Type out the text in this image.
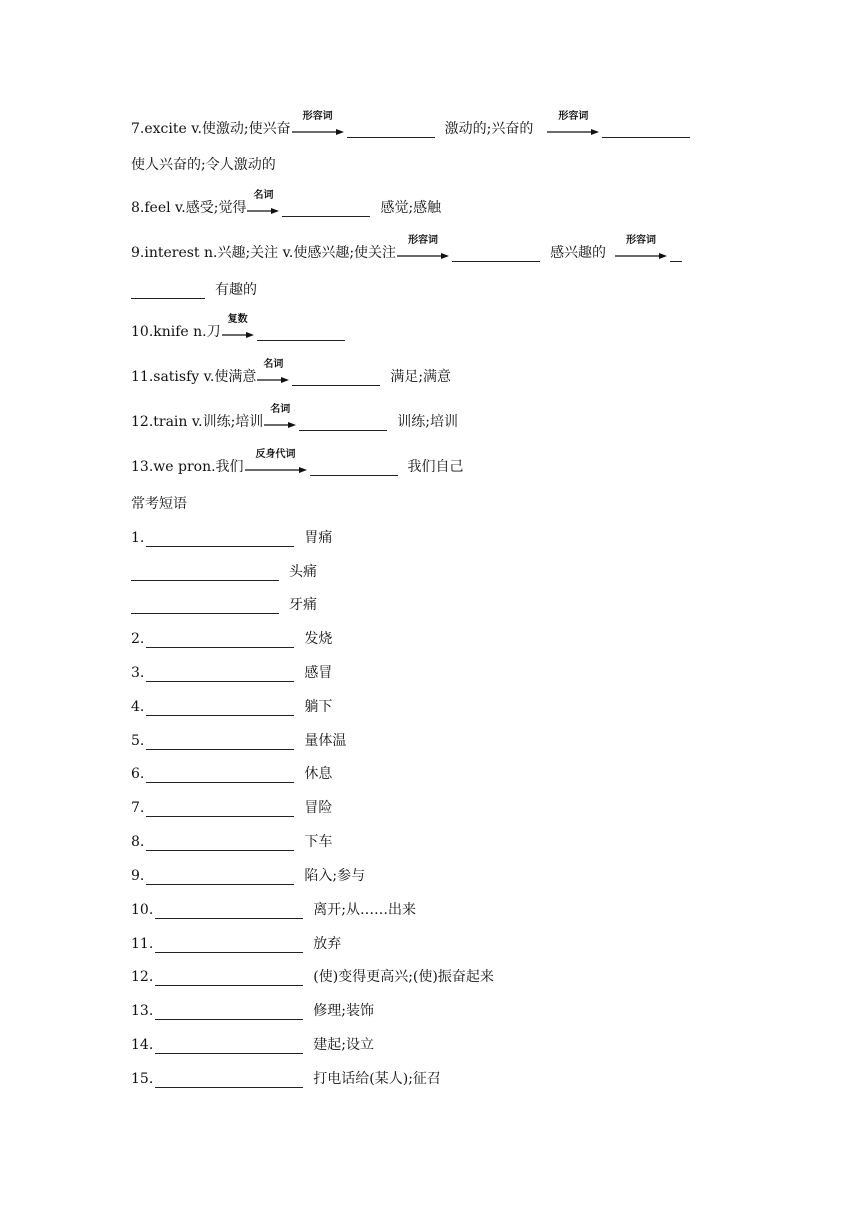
7.excite v.使激动;使兴奋
形容词
激动的;兴奋的
形容词
使人兴奋的;令人激动的
8.feel v.感受;觉得
名词
感觉;感触
9.interest n.兴趣;关注 v.使感兴趣;使关注
形容词
感兴趣的
形容词
有趣的
10.knife n.刀
复数
11.satisfy v.使满意
名词
满足;满意
12.train v.训练;培训
名词
训练;培训
13.we pron.我们
反身代词
我们自己
常考短语
1.	胃痛
头痛
牙痛
2.	发烧
3.	感冒
4.	躺下
5.	量体温
6.	休息
7.	冒险
8.	下车
9.	陷入;参与
10.	离开;从……出来
11.	放弃
12.	(使)变得更高兴;(使)振奋起来
13.	修理;装饰
14.	建起;设立
15.	打电话给(某人);征召
